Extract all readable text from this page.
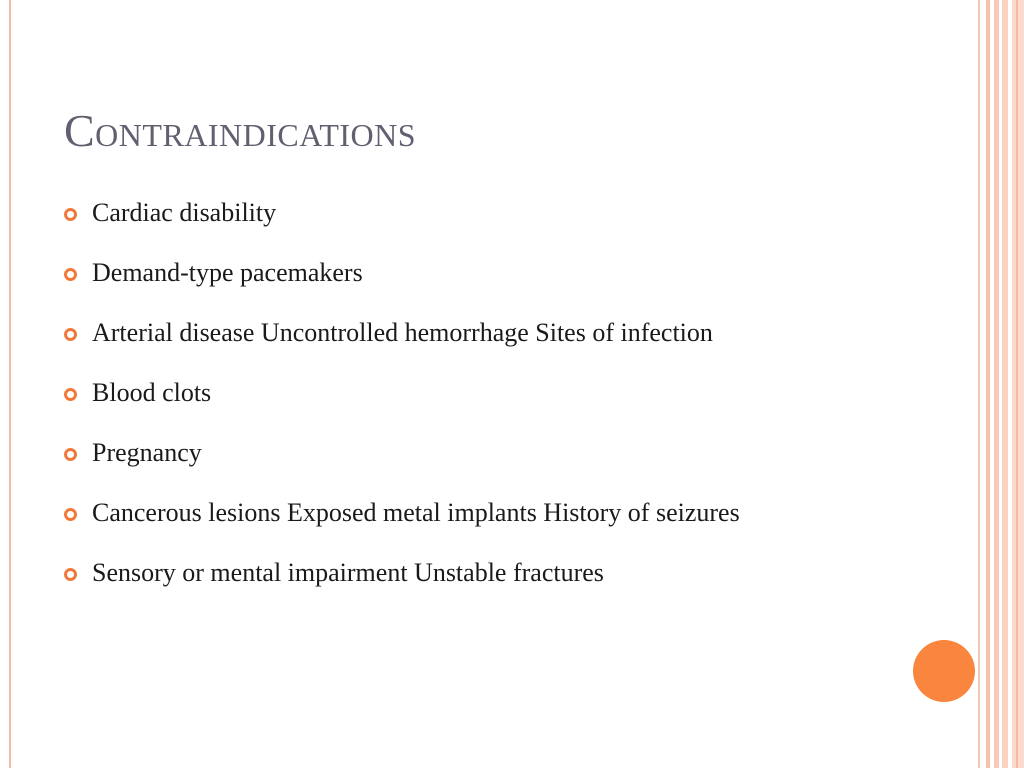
Contraindications
Cardiac disability
Demand-type pacemakers
Arterial disease Uncontrolled hemorrhage Sites of infection
Blood clots
Pregnancy
Cancerous lesions Exposed metal implants History of seizures
Sensory or mental impairment Unstable fractures
